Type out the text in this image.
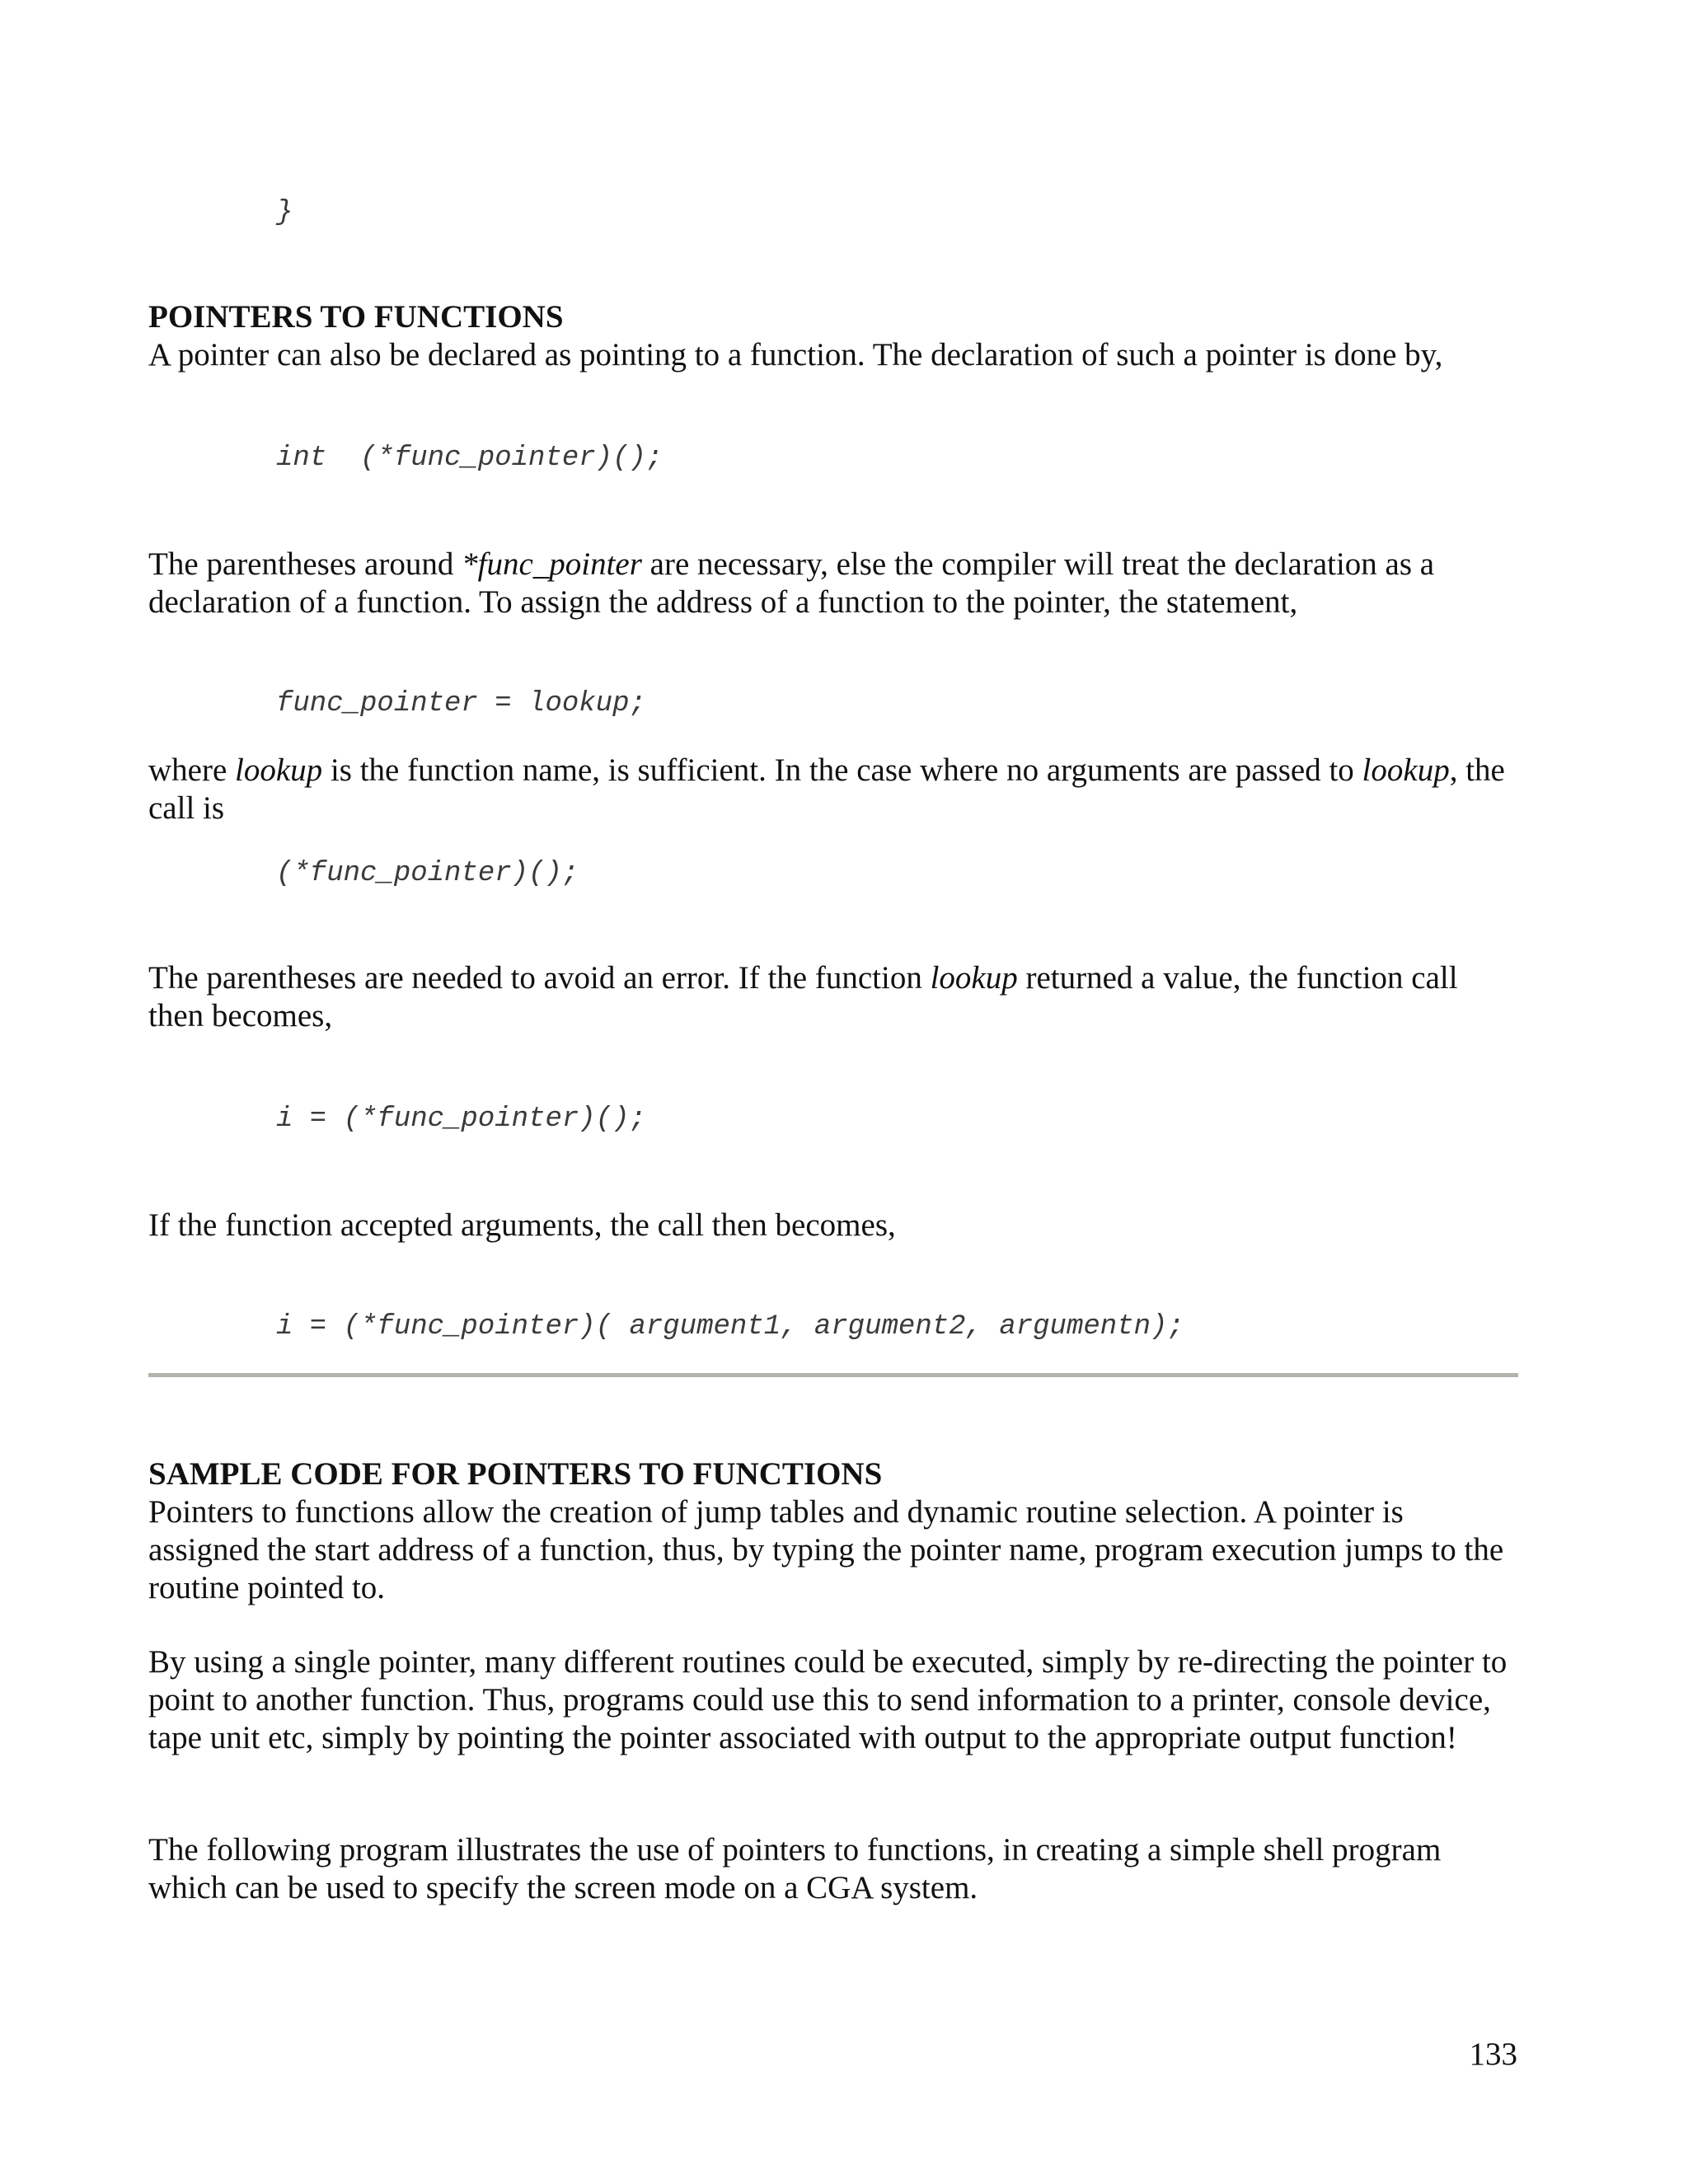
}
POINTERS TO FUNCTIONS

A pointer can also be declared as pointing to a function. The declaration of such a pointer is done by,

int  (*func_pointer)();

The parentheses around *func_pointer are necessary, else the compiler will treat the declaration as a declaration of a function. To assign the address of a function to the pointer, the statement,

func_pointer = lookup;

where lookup is the function name, is sufficient. In the case where no arguments are passed to lookup, the call is

(*func_pointer)();

The parentheses are needed to avoid an error. If the function lookup returned a value, the function call then becomes,

i = (*func_pointer)();

If the function accepted arguments, the call then becomes,

i = (*func_pointer)( argument1, argument2, argumentn);
SAMPLE CODE FOR POINTERS TO FUNCTIONS

Pointers to functions allow the creation of jump tables and dynamic routine selection. A pointer is assigned the start address of a function, thus, by typing the pointer name, program execution jumps to the routine pointed to.

By using a single pointer, many different routines could be executed, simply by re-directing the pointer to point to another function. Thus, programs could use this to send information to a printer, console device, tape unit etc, simply by pointing the pointer associated with output to the appropriate output function!

The following program illustrates the use of pointers to functions, in creating a simple shell program which can be used to specify the screen mode on a CGA system.

133
